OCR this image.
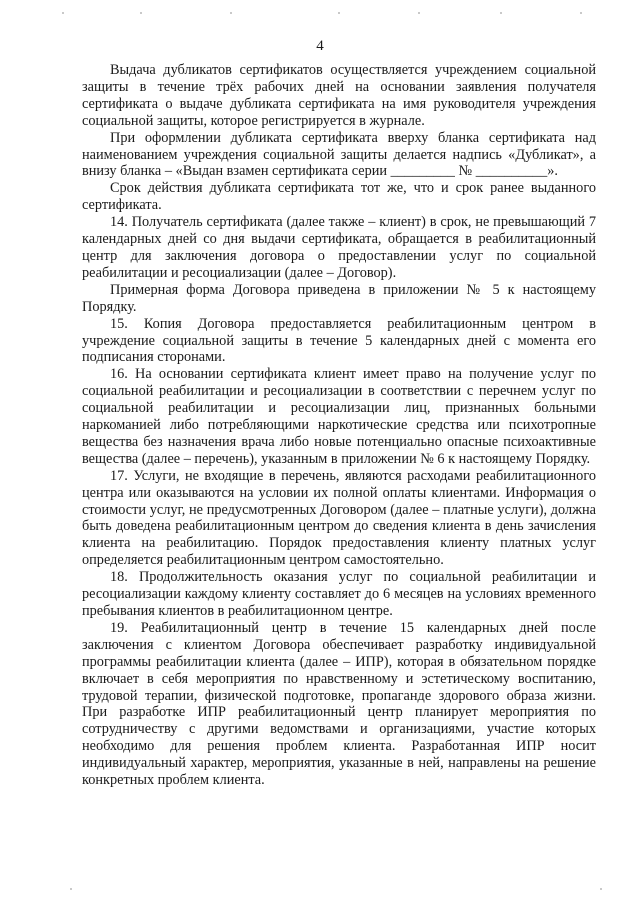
4

Выдача дубликатов сертификатов осуществляется учреждением социальной защиты в течение трёх рабочих дней на основании заявления получателя сертификата о выдаче дубликата сертификата на имя руководителя учреждения социальной защиты, которое регистрируется в журнале.

При оформлении дубликата сертификата вверху бланка сертификата над наименованием учреждения социальной защиты делается надпись «Дубликат», а внизу бланка – «Выдан взамен сертификата серии _________ № __________».

Срок действия дубликата сертификата тот же, что и срок ранее выданного сертификата.

14. Получатель сертификата (далее также – клиент) в срок, не превышающий 7 календарных дней со дня выдачи сертификата, обращается в реабилитационный центр для заключения договора о предоставлении услуг по социальной реабилитации и ресоциализации (далее – Договор).

Примерная форма Договора приведена в приложении № 5 к настоящему Порядку.

15. Копия Договора предоставляется реабилитационным центром в учреждение социальной защиты в течение 5 календарных дней с момента его подписания сторонами.

16. На основании сертификата клиент имеет право на получение услуг по социальной реабилитации и ресоциализации в соответствии с перечнем услуг по социальной реабилитации и ресоциализации лиц, признанных больными наркоманией либо потребляющими наркотические средства или психотропные вещества без назначения врача либо новые потенциально опасные психоактивные вещества (далее – перечень), указанным в приложении № 6 к настоящему Порядку.

17. Услуги, не входящие в перечень, являются расходами реабилитационного центра или оказываются на условии их полной оплаты клиентами. Информация о стоимости услуг, не предусмотренных Договором (далее – платные услуги), должна быть доведена реабилитационным центром до сведения клиента в день зачисления клиента на реабилитацию. Порядок предоставления клиенту платных услуг определяется реабилитационным центром самостоятельно.

18. Продолжительность оказания услуг по социальной реабилитации и ресоциализации каждому клиенту составляет до 6 месяцев на условиях временного пребывания клиентов в реабилитационном центре.

19. Реабилитационный центр в течение 15 календарных дней после заключения с клиентом Договора обеспечивает разработку индивидуальной программы реабилитации клиента (далее – ИПР), которая в обязательном порядке включает в себя мероприятия по нравственному и эстетическому воспитанию, трудовой терапии, физической подготовке, пропаганде здорового образа жизни. При разработке ИПР реабилитационный центр планирует мероприятия по сотрудничеству с другими ведомствами и организациями, участие которых необходимо для решения проблем клиента. Разработанная ИПР носит индивидуальный характер, мероприятия, указанные в ней, направлены на решение конкретных проблем клиента.
